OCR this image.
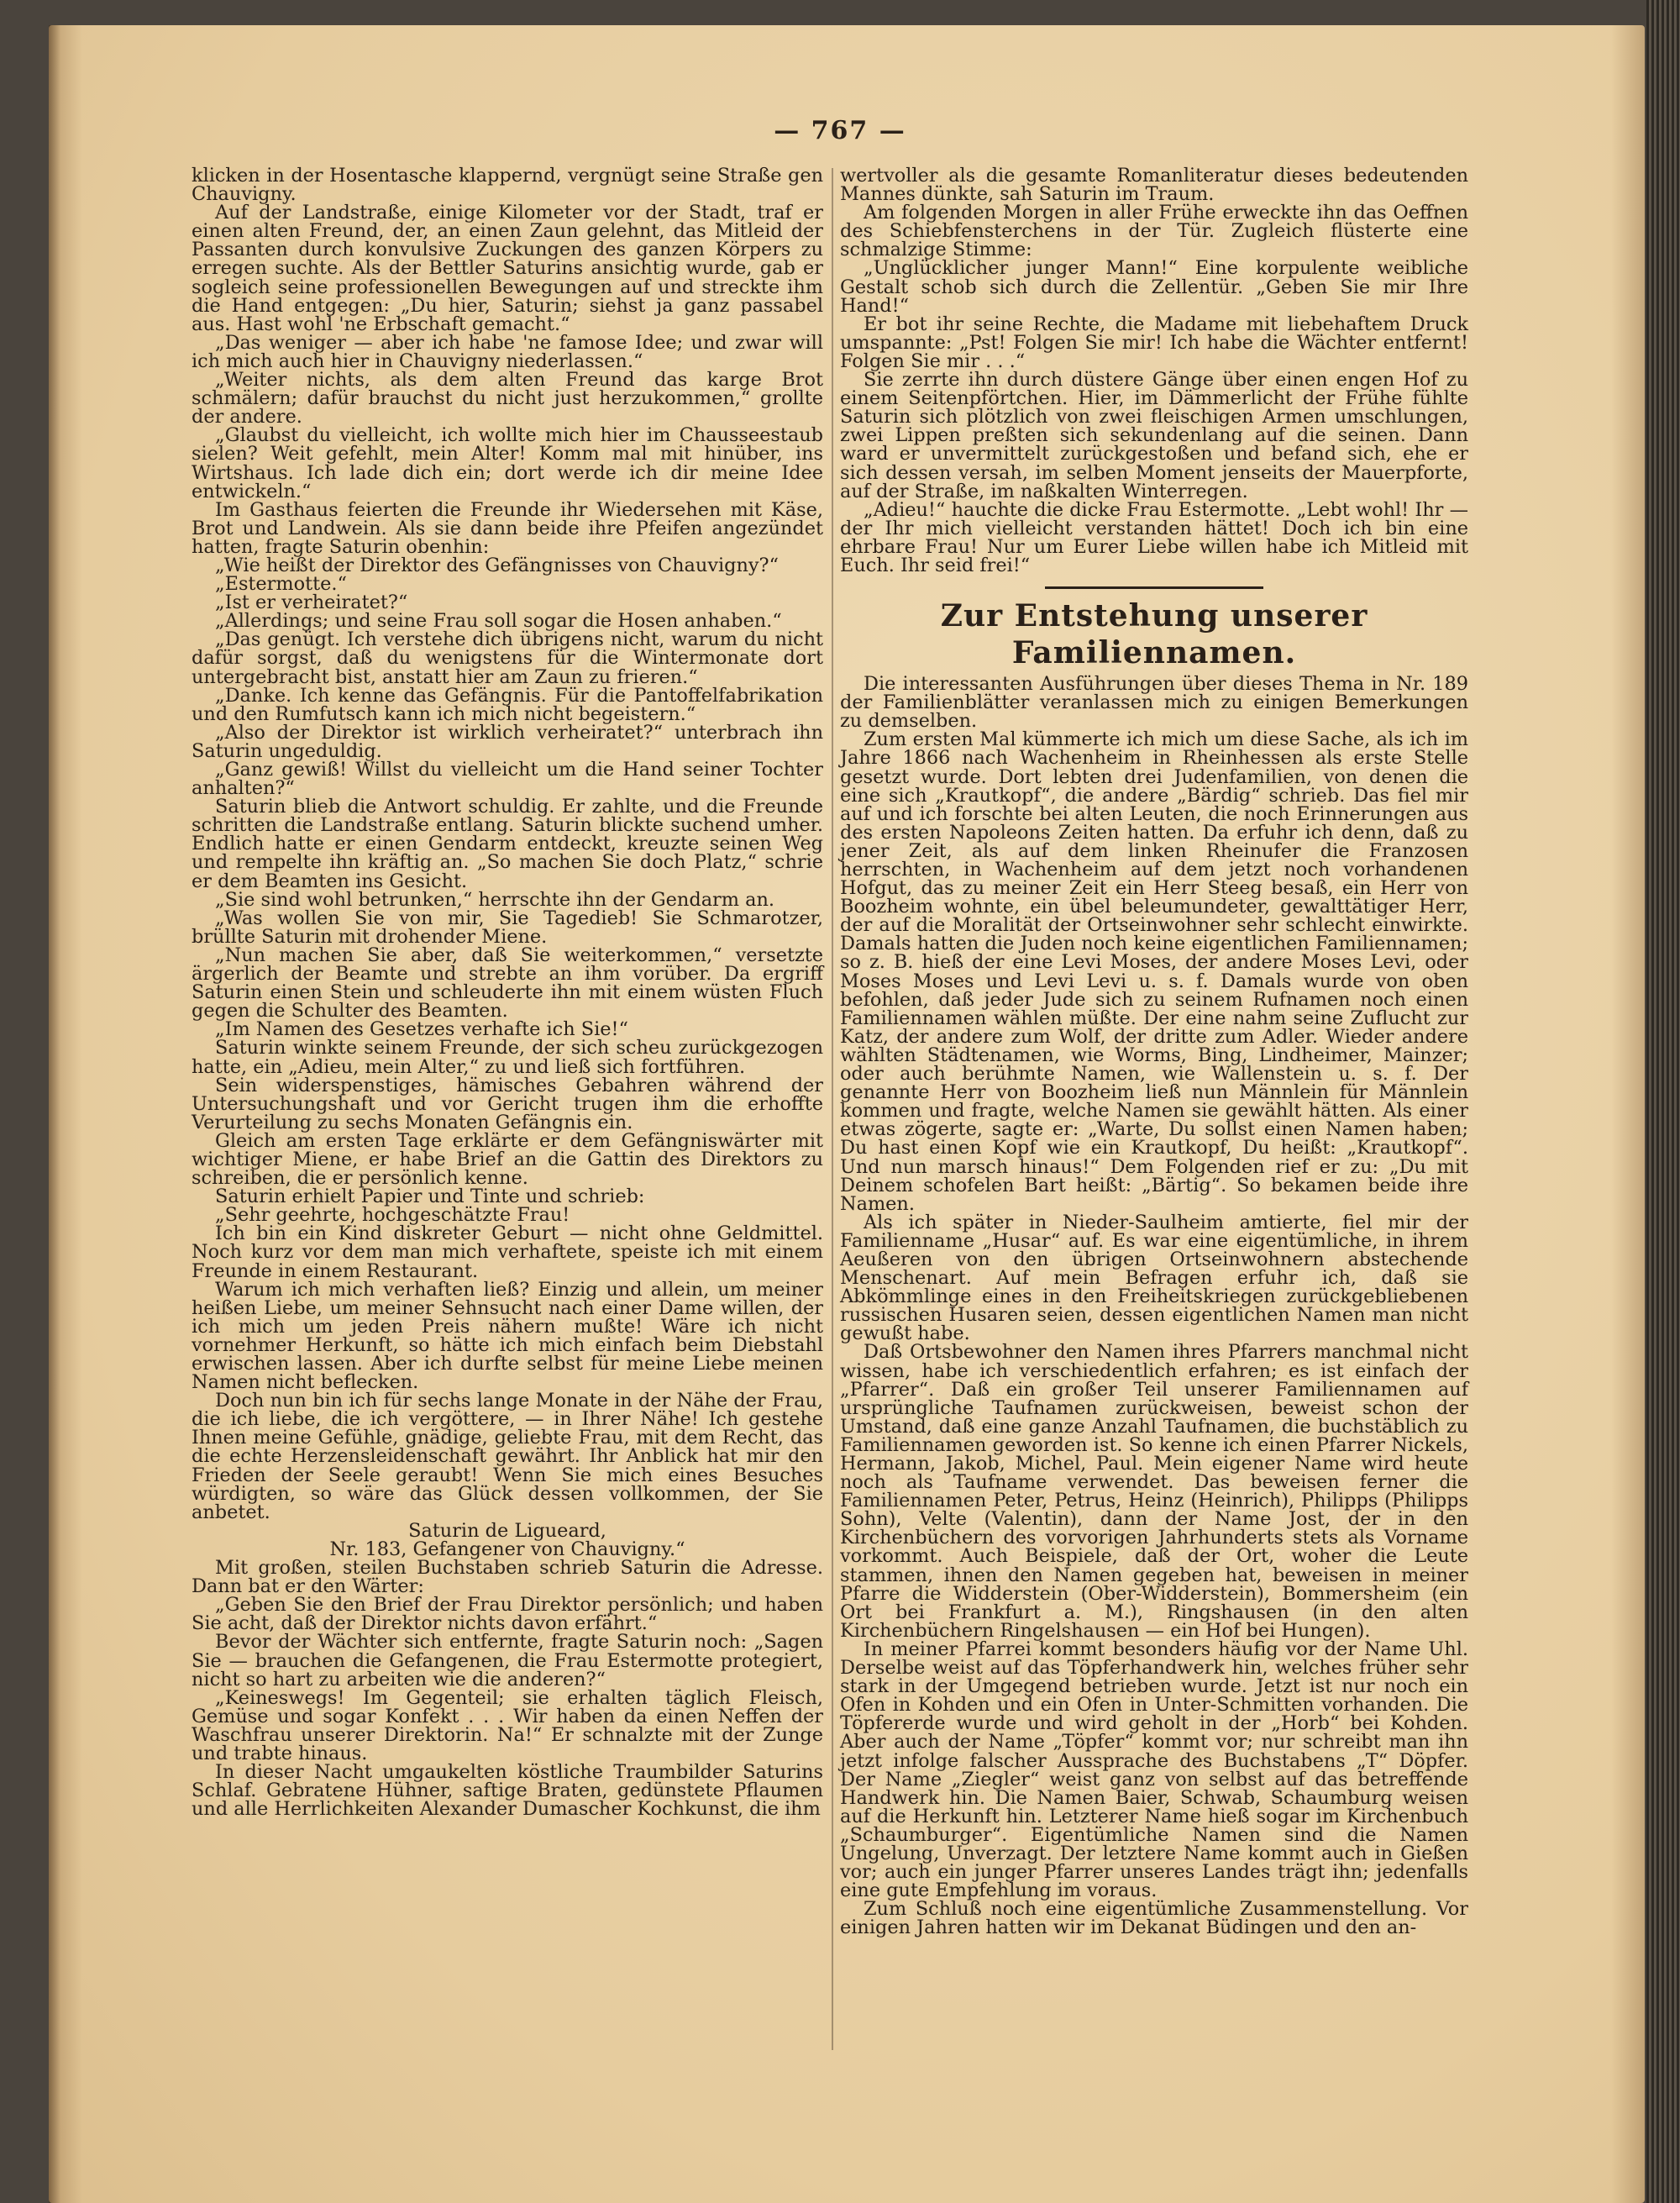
— 767 —

klicken in der Hosentasche klappernd, vergnügt seine Straße gen Chauvigny.

Auf der Landstraße, einige Kilometer vor der Stadt, traf er einen alten Freund, der, an einen Zaun gelehnt, das Mitleid der Passanten durch konvulsive Zuckungen des ganzen Körpers zu erregen suchte. Als der Bettler Saturins ansichtig wurde, gab er sogleich seine professionellen Bewegungen auf und streckte ihm die Hand entgegen: „Du hier, Saturin; siehst ja ganz passabel aus. Hast wohl 'ne Erbschaft gemacht.“

„Das weniger — aber ich habe 'ne famose Idee; und zwar will ich mich auch hier in Chauvigny niederlassen.“

„Weiter nichts, als dem alten Freund das karge Brot schmälern; dafür brauchst du nicht just herzukommen,“ grollte der andere.

„Glaubst du vielleicht, ich wollte mich hier im Chausseestaub sielen? Weit gefehlt, mein Alter! Komm mal mit hinüber, ins Wirtshaus. Ich lade dich ein; dort werde ich dir meine Idee entwickeln.“

Im Gasthaus feierten die Freunde ihr Wiedersehen mit Käse, Brot und Landwein. Als sie dann beide ihre Pfeifen angezündet hatten, fragte Saturin obenhin:

„Wie heißt der Direktor des Gefängnisses von Chauvigny?“

„Estermotte.“

„Ist er verheiratet?“

„Allerdings; und seine Frau soll sogar die Hosen anhaben.“

„Das genügt. Ich verstehe dich übrigens nicht, warum du nicht dafür sorgst, daß du wenigstens für die Wintermonate dort untergebracht bist, anstatt hier am Zaun zu frieren.“

„Danke. Ich kenne das Gefängnis. Für die Pantoffelfabrikation und den Rumfutsch kann ich mich nicht begeistern.“

„Also der Direktor ist wirklich verheiratet?“ unterbrach ihn Saturin ungeduldig.

„Ganz gewiß! Willst du vielleicht um die Hand seiner Tochter anhalten?“

Saturin blieb die Antwort schuldig. Er zahlte, und die Freunde schritten die Landstraße entlang. Saturin blickte suchend umher. Endlich hatte er einen Gendarm entdeckt, kreuzte seinen Weg und rempelte ihn kräftig an. „So machen Sie doch Platz,“ schrie er dem Beamten ins Gesicht.

„Sie sind wohl betrunken,“ herrschte ihn der Gendarm an.

„Was wollen Sie von mir, Sie Tagedieb! Sie Schmarotzer, brüllte Saturin mit drohender Miene.

„Nun machen Sie aber, daß Sie weiterkommen,“ versetzte ärgerlich der Beamte und strebte an ihm vorüber. Da ergriff Saturin einen Stein und schleuderte ihn mit einem wüsten Fluch gegen die Schulter des Beamten.

„Im Namen des Gesetzes verhafte ich Sie!“

Saturin winkte seinem Freunde, der sich scheu zurückgezogen hatte, ein „Adieu, mein Alter,“ zu und ließ sich fortführen.

Sein widerspenstiges, hämisches Gebahren während der Untersuchungshaft und vor Gericht trugen ihm die erhoffte Verurteilung zu sechs Monaten Gefängnis ein.

Gleich am ersten Tage erklärte er dem Gefängniswärter mit wichtiger Miene, er habe Brief an die Gattin des Direktors zu schreiben, die er persönlich kenne.

Saturin erhielt Papier und Tinte und schrieb:

„Sehr geehrte, hochgeschätzte Frau!

Ich bin ein Kind diskreter Geburt — nicht ohne Geldmittel. Noch kurz vor dem man mich verhaftete, speiste ich mit einem Freunde in einem Restaurant.

Warum ich mich verhaften ließ? Einzig und allein, um meiner heißen Liebe, um meiner Sehnsucht nach einer Dame willen, der ich mich um jeden Preis nähern mußte! Wäre ich nicht vornehmer Herkunft, so hätte ich mich einfach beim Diebstahl erwischen lassen. Aber ich durfte selbst für meine Liebe meinen Namen nicht beflecken.

Doch nun bin ich für sechs lange Monate in der Nähe der Frau, die ich liebe, die ich vergöttere, — in Ihrer Nähe! Ich gestehe Ihnen meine Gefühle, gnädige, geliebte Frau, mit dem Recht, das die echte Herzensleidenschaft gewährt. Ihr Anblick hat mir den Frieden der Seele geraubt! Wenn Sie mich eines Besuches würdigten, so wäre das Glück dessen vollkommen, der Sie anbetet.

Saturin de Ligueard,

Nr. 183, Gefangener von Chauvigny.“

Mit großen, steilen Buchstaben schrieb Saturin die Adresse. Dann bat er den Wärter:

„Geben Sie den Brief der Frau Direktor persönlich; und haben Sie acht, daß der Direktor nichts davon erfährt.“

Bevor der Wächter sich entfernte, fragte Saturin noch: „Sagen Sie — brauchen die Gefangenen, die Frau Estermotte protegiert, nicht so hart zu arbeiten wie die anderen?“

„Keineswegs! Im Gegenteil; sie erhalten täglich Fleisch, Gemüse und sogar Konfekt . . . Wir haben da einen Neffen der Waschfrau unserer Direktorin. Na!“ Er schnalzte mit der Zunge und trabte hinaus.

In dieser Nacht umgaukelten köstliche Traumbilder Saturins Schlaf. Gebratene Hühner, saftige Braten, gedünstete Pflaumen und alle Herrlichkeiten Alexander Dumascher Kochkunst, die ihm

wertvoller als die gesamte Romanliteratur dieses bedeutenden Mannes dünkte, sah Saturin im Traum.

Am folgenden Morgen in aller Frühe erweckte ihn das Oeffnen des Schiebfensterchens in der Tür. Zugleich flüsterte eine schmalzige Stimme:

„Unglücklicher junger Mann!“ Eine korpulente weibliche Gestalt schob sich durch die Zellentür. „Geben Sie mir Ihre Hand!“

Er bot ihr seine Rechte, die Madame mit liebehaftem Druck umspannte: „Pst! Folgen Sie mir! Ich habe die Wächter entfernt! Folgen Sie mir . . .“

Sie zerrte ihn durch düstere Gänge über einen engen Hof zu einem Seitenpförtchen. Hier, im Dämmerlicht der Frühe fühlte Saturin sich plötzlich von zwei fleischigen Armen umschlungen, zwei Lippen preßten sich sekundenlang auf die seinen. Dann ward er unvermittelt zurückgestoßen und befand sich, ehe er sich dessen versah, im selben Moment jenseits der Mauerpforte, auf der Straße, im naßkalten Winterregen.

„Adieu!“ hauchte die dicke Frau Estermotte. „Lebt wohl! Ihr — der Ihr mich vielleicht verstanden hättet! Doch ich bin eine ehrbare Frau! Nur um Eurer Liebe willen habe ich Mitleid mit Euch. Ihr seid frei!“

Zur Entstehung unserer Familiennamen.

Die interessanten Ausführungen über dieses Thema in Nr. 189 der Familienblätter veranlassen mich zu einigen Bemerkungen zu demselben.

Zum ersten Mal kümmerte ich mich um diese Sache, als ich im Jahre 1866 nach Wachenheim in Rheinhessen als erste Stelle gesetzt wurde. Dort lebten drei Judenfamilien, von denen die eine sich „Krautkopf“, die andere „Bärdig“ schrieb. Das fiel mir auf und ich forschte bei alten Leuten, die noch Erinnerungen aus des ersten Napoleons Zeiten hatten. Da erfuhr ich denn, daß zu jener Zeit, als auf dem linken Rheinufer die Franzosen herrschten, in Wachenheim auf dem jetzt noch vorhandenen Hofgut, das zu meiner Zeit ein Herr Steeg besaß, ein Herr von Boozheim wohnte, ein übel beleumundeter, gewalttätiger Herr, der auf die Moralität der Ortseinwohner sehr schlecht einwirkte. Damals hatten die Juden noch keine eigentlichen Familiennamen; so z. B. hieß der eine Levi Moses, der andere Moses Levi, oder Moses Moses und Levi Levi u. s. f. Damals wurde von oben befohlen, daß jeder Jude sich zu seinem Rufnamen noch einen Familiennamen wählen müßte. Der eine nahm seine Zuflucht zur Katz, der andere zum Wolf, der dritte zum Adler. Wieder andere wählten Städtenamen, wie Worms, Bing, Lindheimer, Mainzer; oder auch berühmte Namen, wie Wallenstein u. s. f. Der genannte Herr von Boozheim ließ nun Männlein für Männlein kommen und fragte, welche Namen sie gewählt hätten. Als einer etwas zögerte, sagte er: „Warte, Du sollst einen Namen haben; Du hast einen Kopf wie ein Krautkopf, Du heißt: „Krautkopf“. Und nun marsch hinaus!“ Dem Folgenden rief er zu: „Du mit Deinem schofelen Bart heißt: „Bärtig“. So bekamen beide ihre Namen.

Als ich später in Nieder-Saulheim amtierte, fiel mir der Familienname „Husar“ auf. Es war eine eigentümliche, in ihrem Aeußeren von den übrigen Ortseinwohnern abstechende Menschenart. Auf mein Befragen erfuhr ich, daß sie Abkömmlinge eines in den Freiheitskriegen zurückgebliebenen russischen Husaren seien, dessen eigentlichen Namen man nicht gewußt habe.

Daß Ortsbewohner den Namen ihres Pfarrers manchmal nicht wissen, habe ich verschiedentlich erfahren; es ist einfach der „Pfarrer“. Daß ein großer Teil unserer Familiennamen auf ursprüngliche Taufnamen zurückweisen, beweist schon der Umstand, daß eine ganze Anzahl Taufnamen, die buchstäblich zu Familiennamen geworden ist. So kenne ich einen Pfarrer Nickels, Hermann, Jakob, Michel, Paul. Mein eigener Name wird heute noch als Taufname verwendet. Das beweisen ferner die Familiennamen Peter, Petrus, Heinz (Heinrich), Philipps (Philipps Sohn), Velte (Valentin), dann der Name Jost, der in den Kirchenbüchern des vorvorigen Jahrhunderts stets als Vorname vorkommt. Auch Beispiele, daß der Ort, woher die Leute stammen, ihnen den Namen gegeben hat, beweisen in meiner Pfarre die Widderstein (Ober-Widderstein), Bommersheim (ein Ort bei Frankfurt a. M.), Ringshausen (in den alten Kirchenbüchern Ringelshausen — ein Hof bei Hungen).

In meiner Pfarrei kommt besonders häufig vor der Name Uhl. Derselbe weist auf das Töpferhandwerk hin, welches früher sehr stark in der Umgegend betrieben wurde. Jetzt ist nur noch ein Ofen in Kohden und ein Ofen in Unter-Schmitten vorhanden. Die Töpfererde wurde und wird geholt in der „Horb“ bei Kohden. Aber auch der Name „Töpfer“ kommt vor; nur schreibt man ihn jetzt infolge falscher Aussprache des Buchstabens „T“ Döpfer. Der Name „Ziegler“ weist ganz von selbst auf das betreffende Handwerk hin. Die Namen Baier, Schwab, Schaumburg weisen auf die Herkunft hin. Letzterer Name hieß sogar im Kirchenbuch „Schaumburger“. Eigentümliche Namen sind die Namen Ungelung, Unverzagt. Der letztere Name kommt auch in Gießen vor; auch ein junger Pfarrer unseres Landes trägt ihn; jedenfalls eine gute Empfehlung im voraus.

Zum Schluß noch eine eigentümliche Zusammenstellung. Vor einigen Jahren hatten wir im Dekanat Büdingen und den an-
